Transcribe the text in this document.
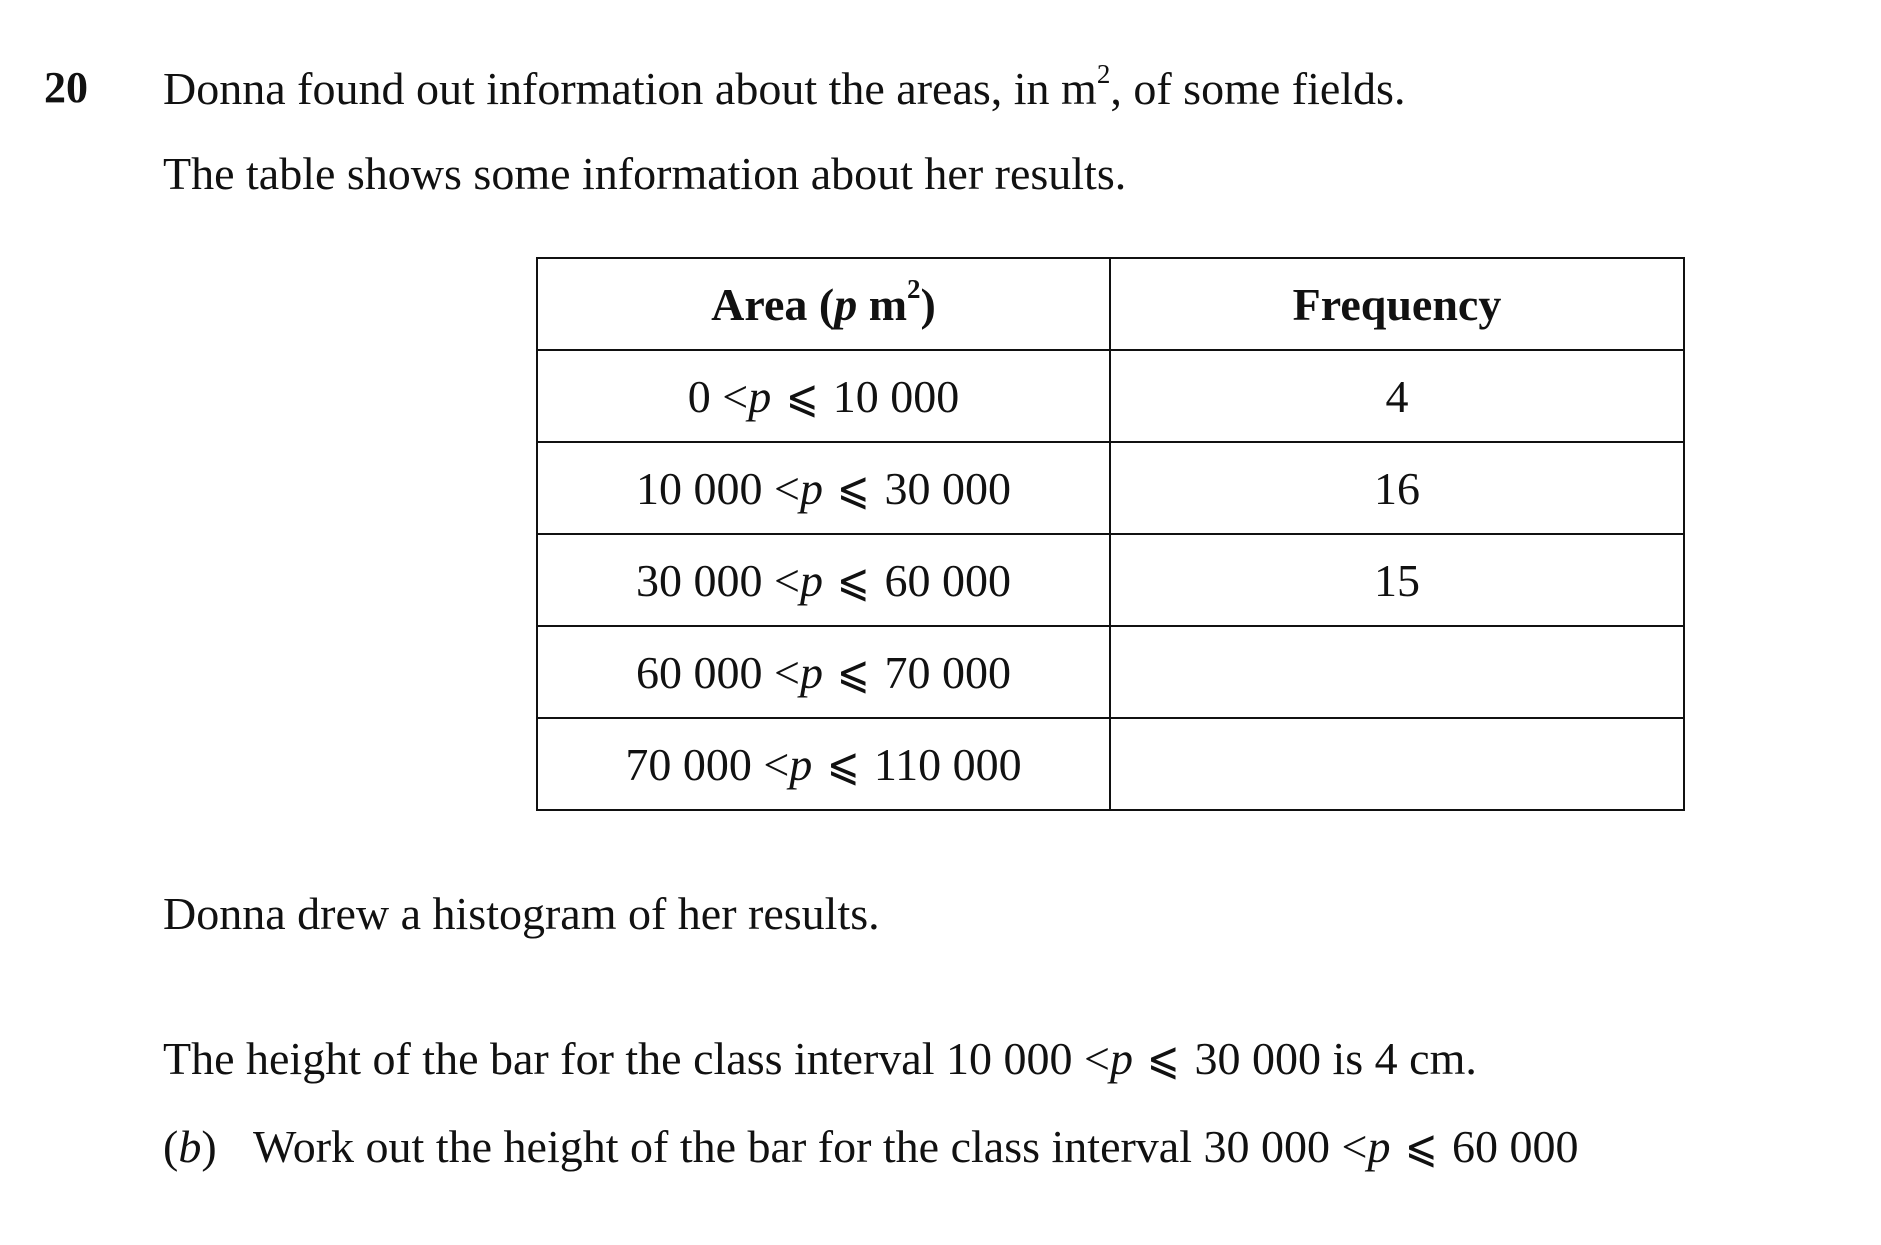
20 Donna found out information about the areas, in $m^2$, of some fields.
The table shows some information about her results.
Area (p $m^2$)	Frequency
0 <p ⩽ 10 000	4
10 000 <p ⩽ 30 000	16
30 000 <p ⩽ 60 000	15
60 000 <p ⩽ 70 000	
70 000 <p ⩽ 110 000	
Donna drew a histogram of her results.
The height of the bar for the class interval 10 000 <p ⩽ 30 000 is 4 cm.
(b) Work out the height of the bar for the class interval 30 000 <p ⩽ 60 000
